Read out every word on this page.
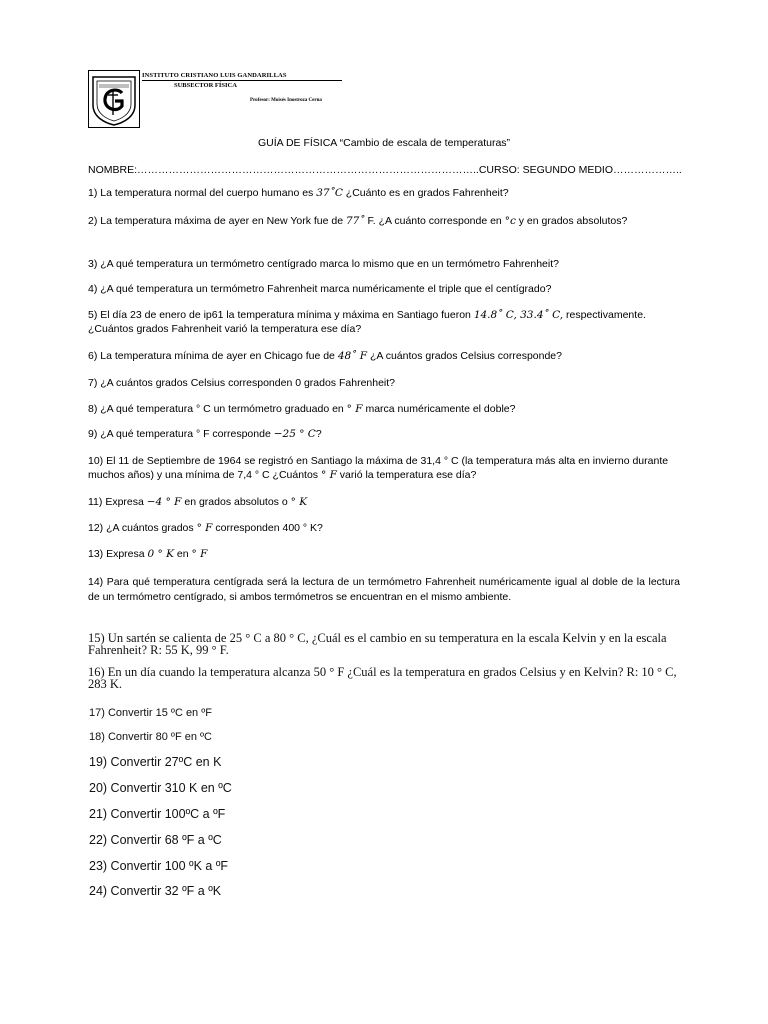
INSTITUTO CRISTIANO LUIS GANDARILLAS
SUBSECTOR FÍSICA
Profesor: Moisés Inostroza Cerna
GUÍA DE FÍSICA “Cambio de escala de temperaturas”
NOMBRE:……………………………………………………………………………………..CURSO: SEGUNDO MEDIO………………..
1) La temperatura normal del cuerpo humano es 37˚C ¿Cuánto es en grados Fahrenheit?
2) La temperatura máxima de ayer en New York fue de 77˚ F. ¿A cuánto corresponde en °c y en grados absolutos?
3) ¿A qué temperatura un termómetro centígrado marca lo mismo que en un termómetro Fahrenheit?
4) ¿A qué temperatura un termómetro Fahrenheit marca numéricamente el triple que el centígrado?
5) El día 23 de enero de ip61 la temperatura mínima y máxima en Santiago fueron 14.8˚ C, 33.4˚ C, respectivamente. ¿Cuántos grados Fahrenheit varió la temperatura ese día?
6) La temperatura mínima de ayer en Chicago fue de 48˚ F ¿A cuántos grados Celsius corresponde?
7) ¿A cuántos grados Celsius corresponden 0 grados Fahrenheit?
8) ¿A qué temperatura ° C un termómetro graduado en ° F marca numéricamente el doble?
9) ¿A qué temperatura ° F corresponde −25 ° C?
10) El 11 de Septiembre de 1964 se registró en Santiago la máxima de 31,4 ° C (la temperatura más alta en invierno durante muchos años) y una mínima de 7,4 ° C ¿Cuántos ° F varió la temperatura ese día?
11) Expresa −4 ° F en grados absolutos o ° K
12) ¿A cuántos grados ° F corresponden 400 ° K?
13) Expresa 0 ° K en ° F
14) Para qué temperatura centígrada será la lectura de un termómetro Fahrenheit numéricamente igual al doble de la lectura de un termómetro centígrado, si ambos termómetros se encuentran en el mismo ambiente.
15) Un sartén se calienta de 25 ° C a 80 ° C, ¿Cuál es el cambio en su temperatura en la escala Kelvin y en la escala Fahrenheit? R: 55 K, 99 ° F.
16) En un día cuando la temperatura alcanza 50 ° F ¿Cuál es la temperatura en grados Celsius y en Kelvin? R: 10 ° C, 283 K.
17) Convertir 15 ºC en ºF
18) Convertir 80 ºF en ºC
19) Convertir 27ºC en K
20) Convertir 310 K en ºC
21) Convertir 100ºC a ºF
22) Convertir 68 ºF a ºC
23) Convertir 100 ºK a ºF
24) Convertir 32 ºF a ºK
